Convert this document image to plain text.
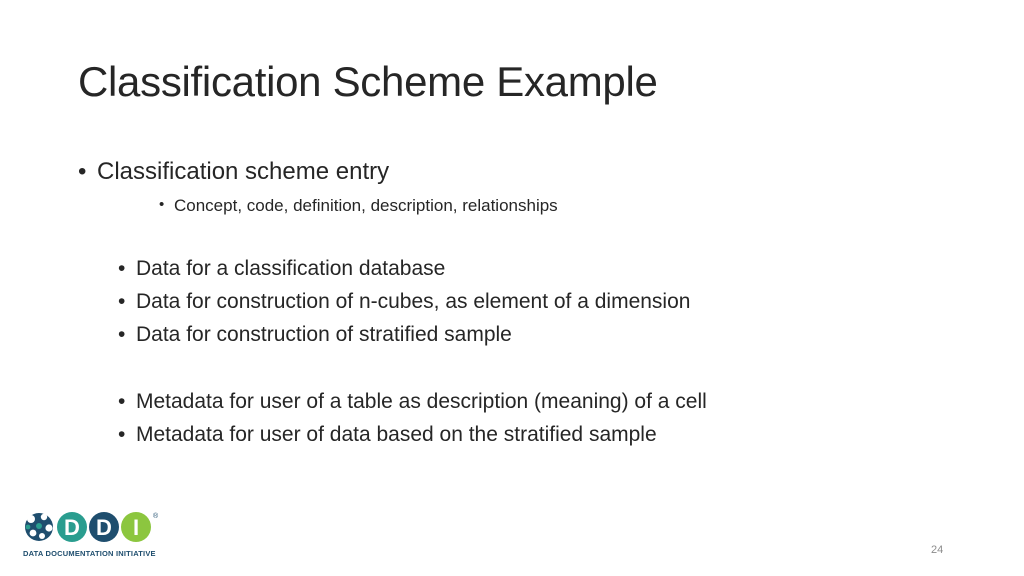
Classification Scheme Example
• Classification scheme entry
• Concept, code, definition, description, relationships
• Data for a classification database
• Data for construction of n-cubes, as element of a dimension
• Data for construction of stratified sample
• Metadata for user of a table as description (meaning) of a cell
• Metadata for user of data based on the stratified sample
D D I ®
DATA DOCUMENTATION INITIATIVE	24
